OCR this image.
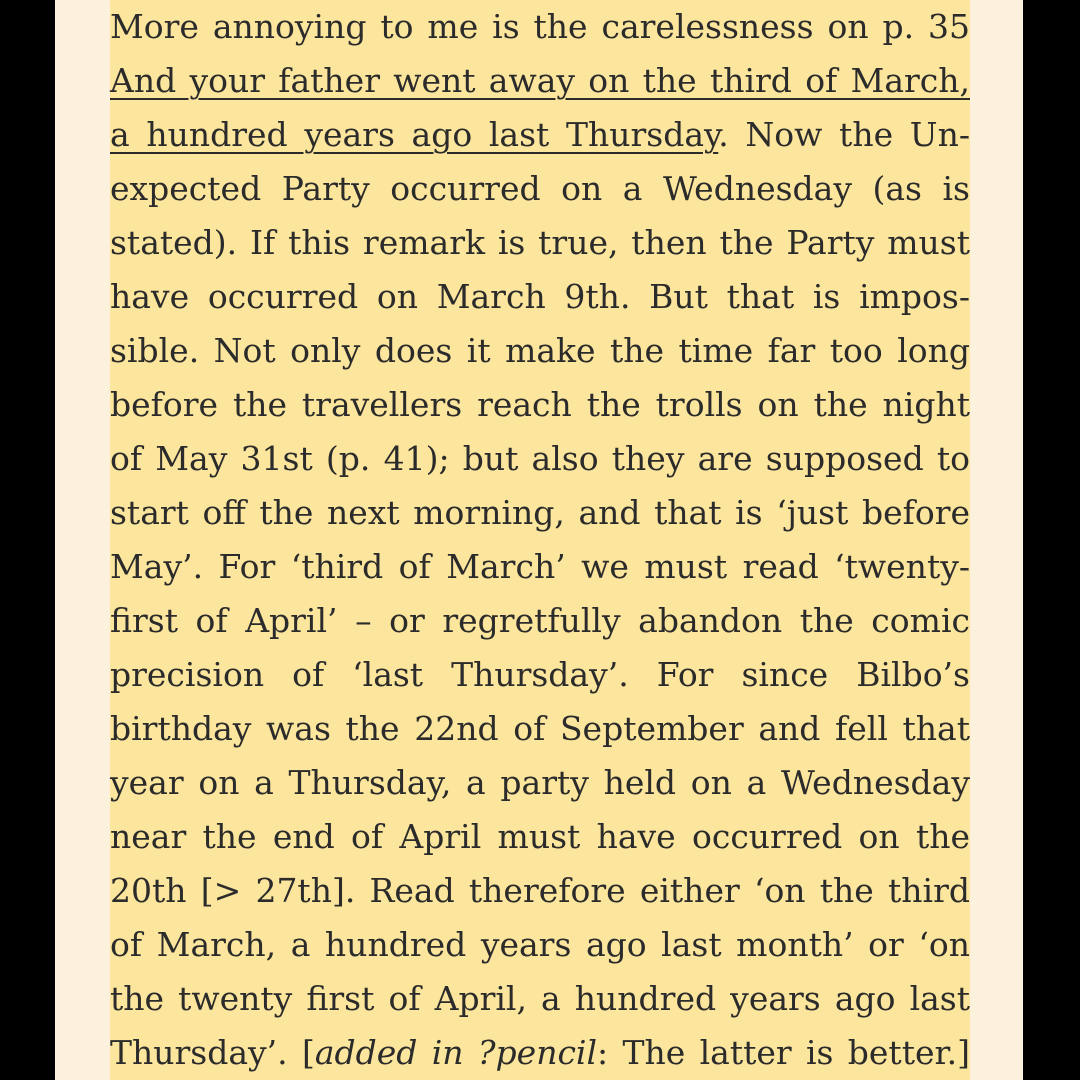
More annoying to me is the carelessness on p. 35
And your father went away on the third of March,
a hundred years ago last Thursday. Now the Un-
expected Party occurred on a Wednesday (as is
stated). If this remark is true, then the Party must
have occurred on March 9th. But that is impos-
sible. Not only does it make the time far too long
before the travellers reach the trolls on the night
of May 31st (p. 41); but also they are supposed to
start off the next morning, and that is ‘just before
May’. For ‘third of March’ we must read ‘twenty-
first of April’ – or regretfully abandon the comic
precision of ‘last Thursday’. For since Bilbo’s
birthday was the 22nd of September and fell that
year on a Thursday, a party held on a Wednesday
near the end of April must have occurred on the
20th [> 27th]. Read therefore either ‘on the third
of March, a hundred years ago last month’ or ‘on
the twenty first of April, a hundred years ago last
Thursday’. [added in ?pencil: The latter is better.]
